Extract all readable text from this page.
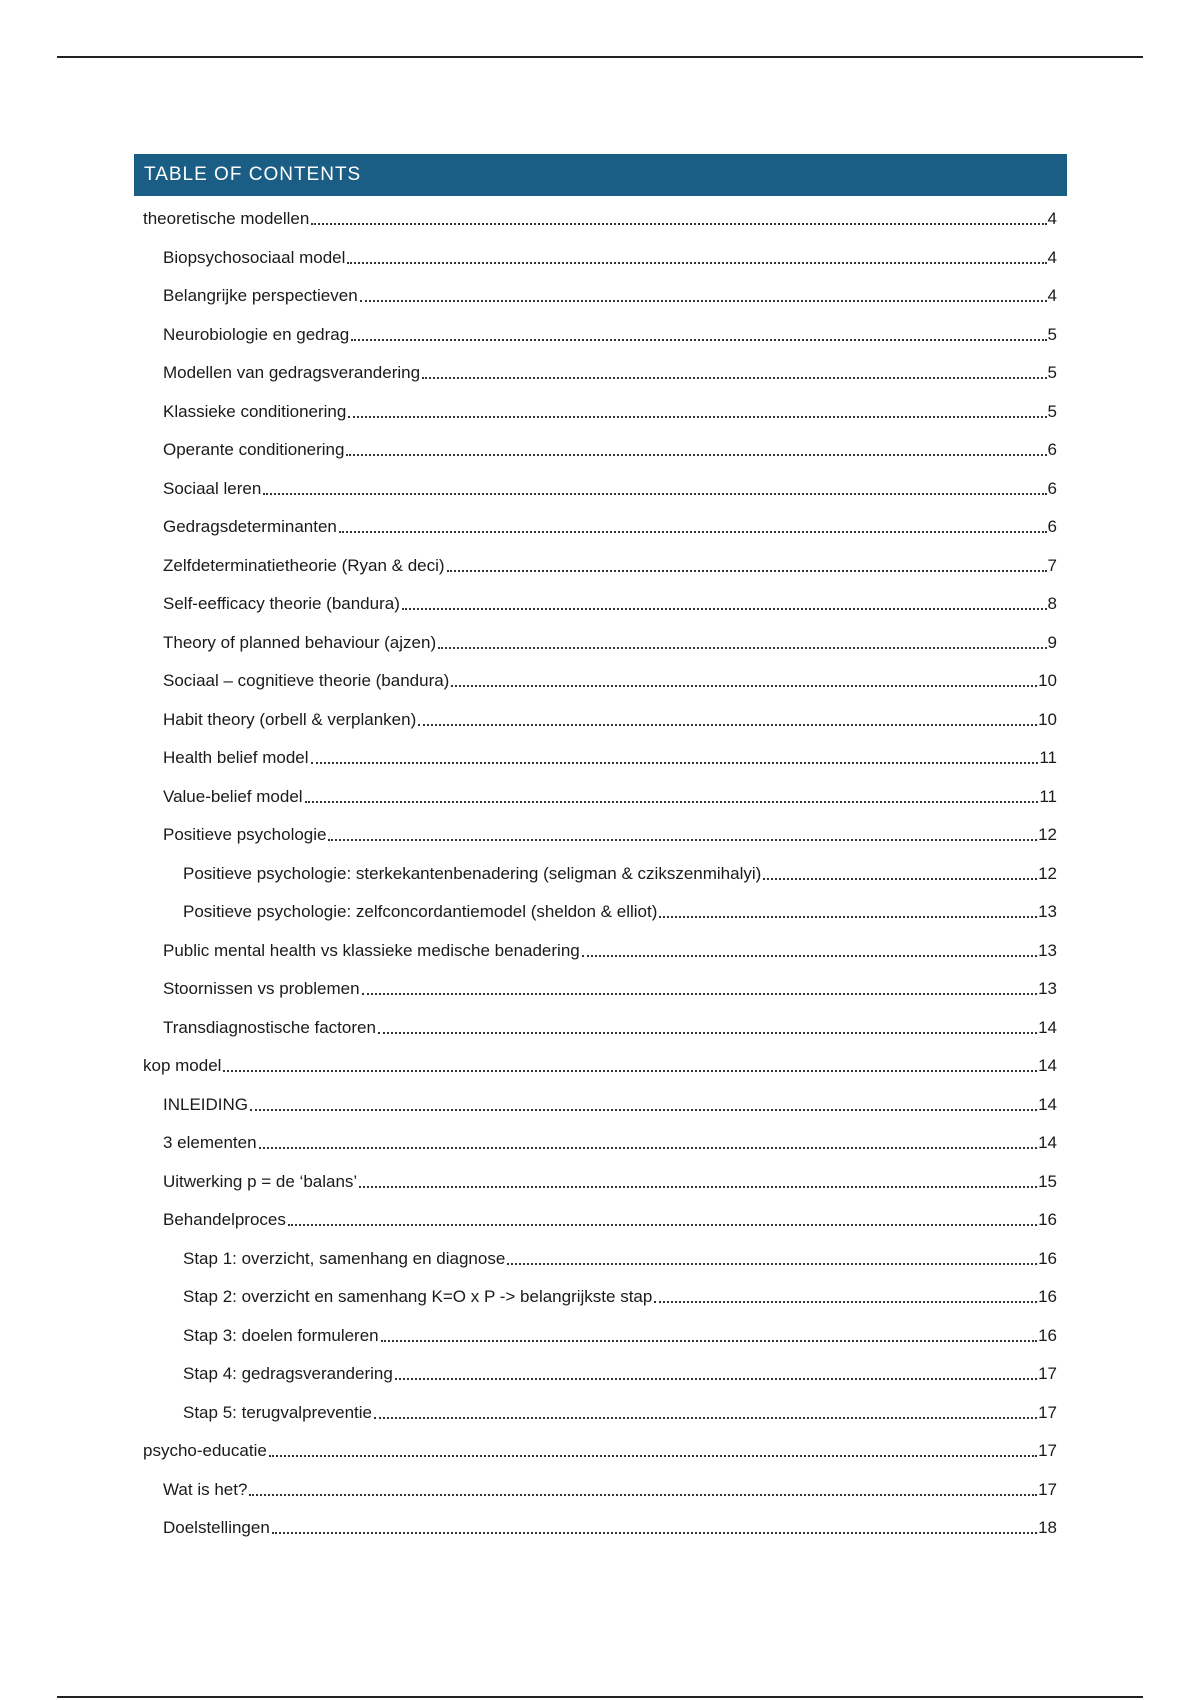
TABLE OF CONTENTS
theoretische modellen	4
Biopsychosociaal model	4
Belangrijke perspectieven	4
Neurobiologie en gedrag	5
Modellen van gedragsverandering	5
Klassieke conditionering	5
Operante conditionering	6
Sociaal leren	6
Gedragsdeterminanten	6
Zelfdeterminatietheorie (Ryan & deci)	7
Self-eefficacy theorie (bandura)	8
Theory of planned behaviour (ajzen)	9
Sociaal – cognitieve theorie (bandura)	10
Habit theory (orbell & verplanken)	10
Health belief model	11
Value-belief model	11
Positieve psychologie	12
Positieve psychologie: sterkekantenbenadering (seligman & czikszenmihalyi)	12
Positieve psychologie: zelfconcordantiemodel (sheldon & elliot)	13
Public mental health vs klassieke medische benadering	13
Stoornissen vs problemen	13
Transdiagnostische factoren	14
kop model	14
INLEIDING	14
3 elementen	14
Uitwerking p = de ‘balans’	15
Behandelproces	16
Stap 1: overzicht, samenhang en diagnose	16
Stap 2: overzicht en samenhang K=O x P -> belangrijkste stap	16
Stap 3: doelen formuleren	16
Stap 4: gedragsverandering	17
Stap 5: terugvalpreventie	17
psycho-educatie	17
Wat is het?	17
Doelstellingen	18
